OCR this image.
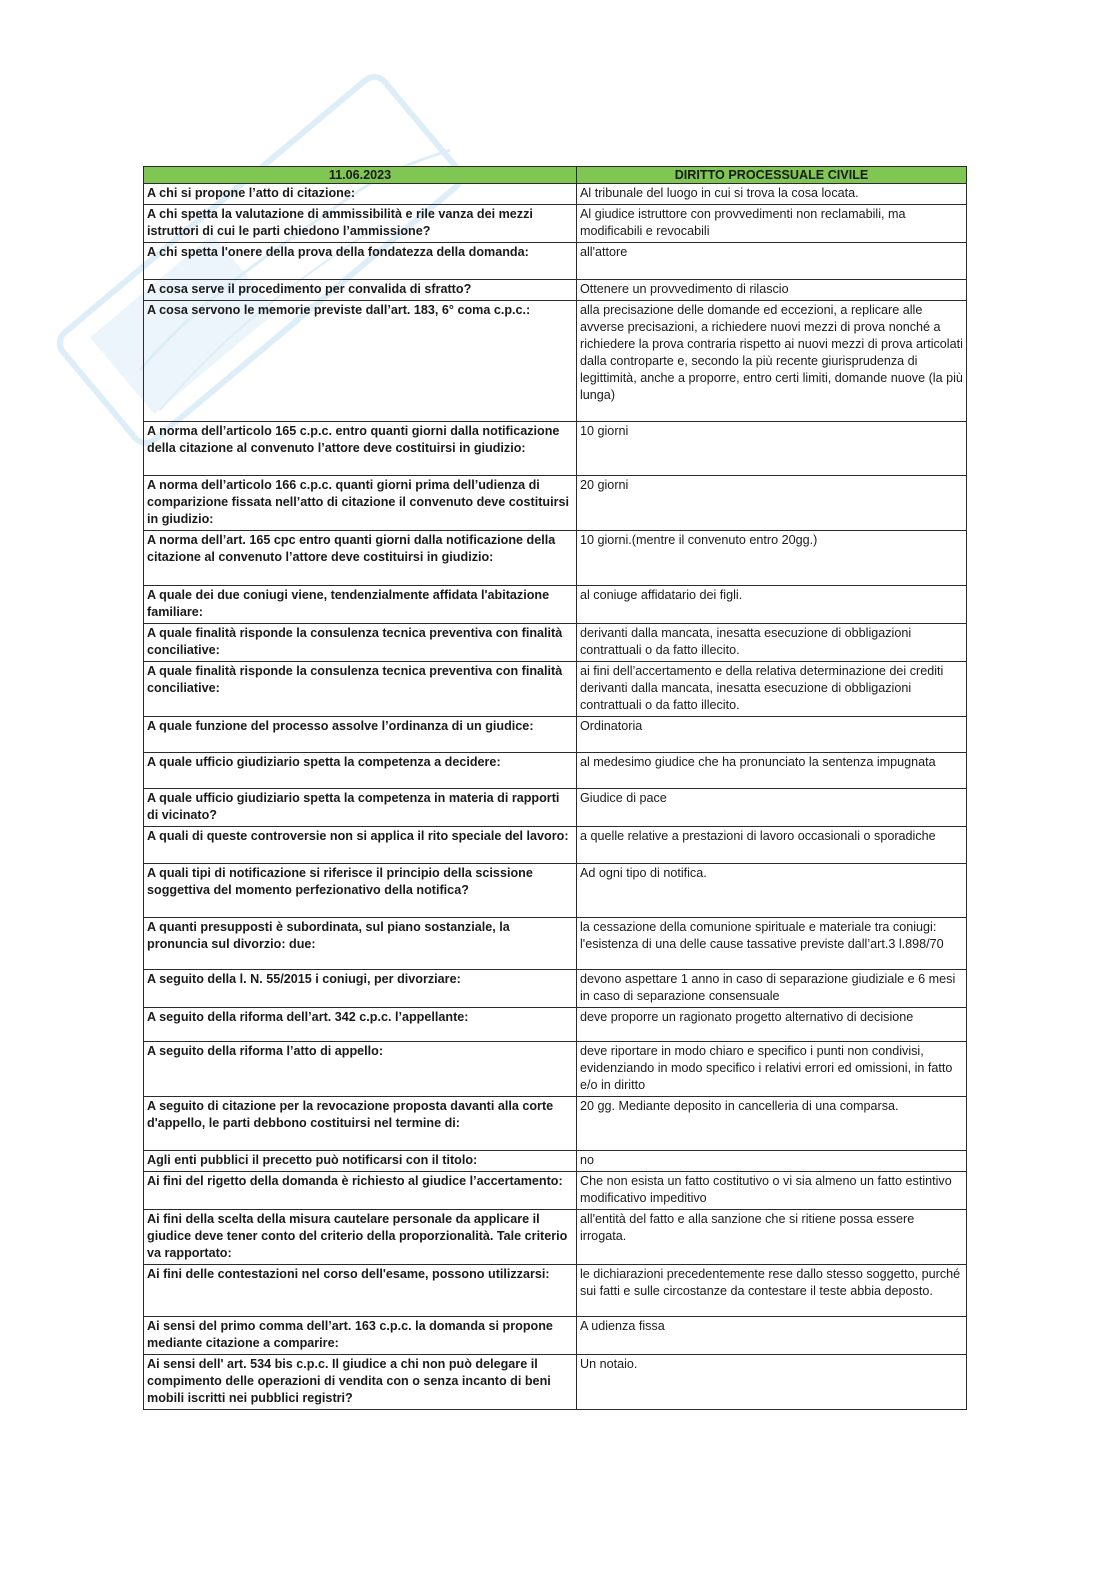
11.06.2023	DIRITTO PROCESSUALE CIVILE
A chi si propone l’atto di citazione:	Al tribunale del luogo in cui si trova la cosa locata.
A chi spetta la valutazione di ammissibilità e rile vanza dei mezzi istruttori di cui le parti chiedono l’ammissione?	Al giudice istruttore con provvedimenti non reclamabili, ma modificabili e revocabili
A chi spetta l'onere della prova della fondatezza della domanda:	all'attore
A cosa serve il procedimento per convalida di sfratto?	Ottenere un provvedimento di rilascio
A cosa servono le memorie previste dall’art. 183, 6° coma c.p.c.:	alla precisazione delle domande ed eccezioni, a replicare alle avverse precisazioni, a richiedere nuovi mezzi di prova nonché a richiedere la prova contraria rispetto ai nuovi mezzi di prova articolati dalla controparte e, secondo la più recente giurisprudenza di legittimità, anche a proporre, entro certi limiti, domande nuove (la più lunga)
A norma dell’articolo 165 c.p.c. entro quanti giorni dalla notificazione della citazione al convenuto l’attore deve costituirsi in giudizio:	10 giorni
A norma dell’articolo 166 c.p.c. quanti giorni prima dell’udienza di comparizione fissata nell’atto di citazione il convenuto deve costituirsi in giudizio:	20 giorni
A norma dell’art. 165 cpc entro quanti giorni dalla notificazione della citazione al convenuto l’attore deve costituirsi in giudizio:	10 giorni.(mentre il convenuto entro 20gg.)
A quale dei due coniugi viene, tendenzialmente affidata l'abitazione familiare:	al coniuge affidatario dei figli.
A quale finalità risponde la consulenza tecnica preventiva con finalità conciliative:	derivanti dalla mancata, inesatta esecuzione di obbligazioni contrattuali o da fatto illecito.
A quale finalità risponde la consulenza tecnica preventiva con finalità conciliative:	ai fini dell’accertamento e della relativa determinazione dei crediti derivanti dalla mancata, inesatta esecuzione di obbligazioni contrattuali o da fatto illecito.
A quale funzione del processo assolve l’ordinanza di un giudice:	Ordinatoria
A quale ufficio giudiziario spetta la competenza a decidere:	al medesimo giudice che ha pronunciato la sentenza impugnata
A quale ufficio giudiziario spetta la competenza in materia di rapporti di vicinato?	Giudice di pace
A quali di queste controversie non si applica il rito speciale del lavoro:	a quelle relative a prestazioni di lavoro occasionali o sporadiche
A quali tipi di notificazione si riferisce il principio della scissione soggettiva del momento perfezionativo della notifica?	Ad ogni tipo di notifica.
A quanti presupposti è subordinata, sul piano sostanziale, la pronuncia sul divorzio: due:	la cessazione della comunione spirituale e materiale tra coniugi: l'esistenza di una delle cause tassative previste dall’art.3 l.898/70
A seguito della l. N. 55/2015 i coniugi, per divorziare:	devono aspettare 1 anno in caso di separazione giudiziale e 6 mesi in caso di separazione consensuale
A seguito della riforma dell’art. 342 c.p.c. l’appellante:	deve proporre un ragionato progetto alternativo di decisione
A seguito della riforma l’atto di appello:	deve riportare in modo chiaro e specifico i punti non condivisi, evidenziando in modo specifico i relativi errori ed omissioni, in fatto e/o in diritto
A seguito di citazione per la revocazione proposta davanti alla corte d'appello, le parti debbono costituirsi nel termine di:	20 gg. Mediante deposito in cancelleria di una comparsa.
Agli enti pubblici il precetto può notificarsi con il titolo:	no
Ai fini del rigetto della domanda è richiesto al giudice l’accertamento:	Che non esista un fatto costitutivo o vi sia almeno un fatto estintivo modificativo impeditivo
Ai fini della scelta della misura cautelare personale da applicare il giudice deve tener conto del criterio della proporzionalità. Tale criterio va rapportato:	all'entità del fatto e alla sanzione che si ritiene possa essere irrogata.
Ai fini delle contestazioni nel corso dell'esame, possono utilizzarsi:	le dichiarazioni precedentemente rese dallo stesso soggetto, purché sui fatti e sulle circostanze da contestare il teste abbia deposto.
Ai sensi del primo comma dell’art. 163 c.p.c. la domanda si propone mediante citazione a comparire:	A udienza fissa
Ai sensi dell' art. 534 bis c.p.c. Il giudice a chi non può delegare il compimento delle operazioni di vendita con o senza incanto di beni mobili iscritti nei pubblici registri?	Un notaio.
